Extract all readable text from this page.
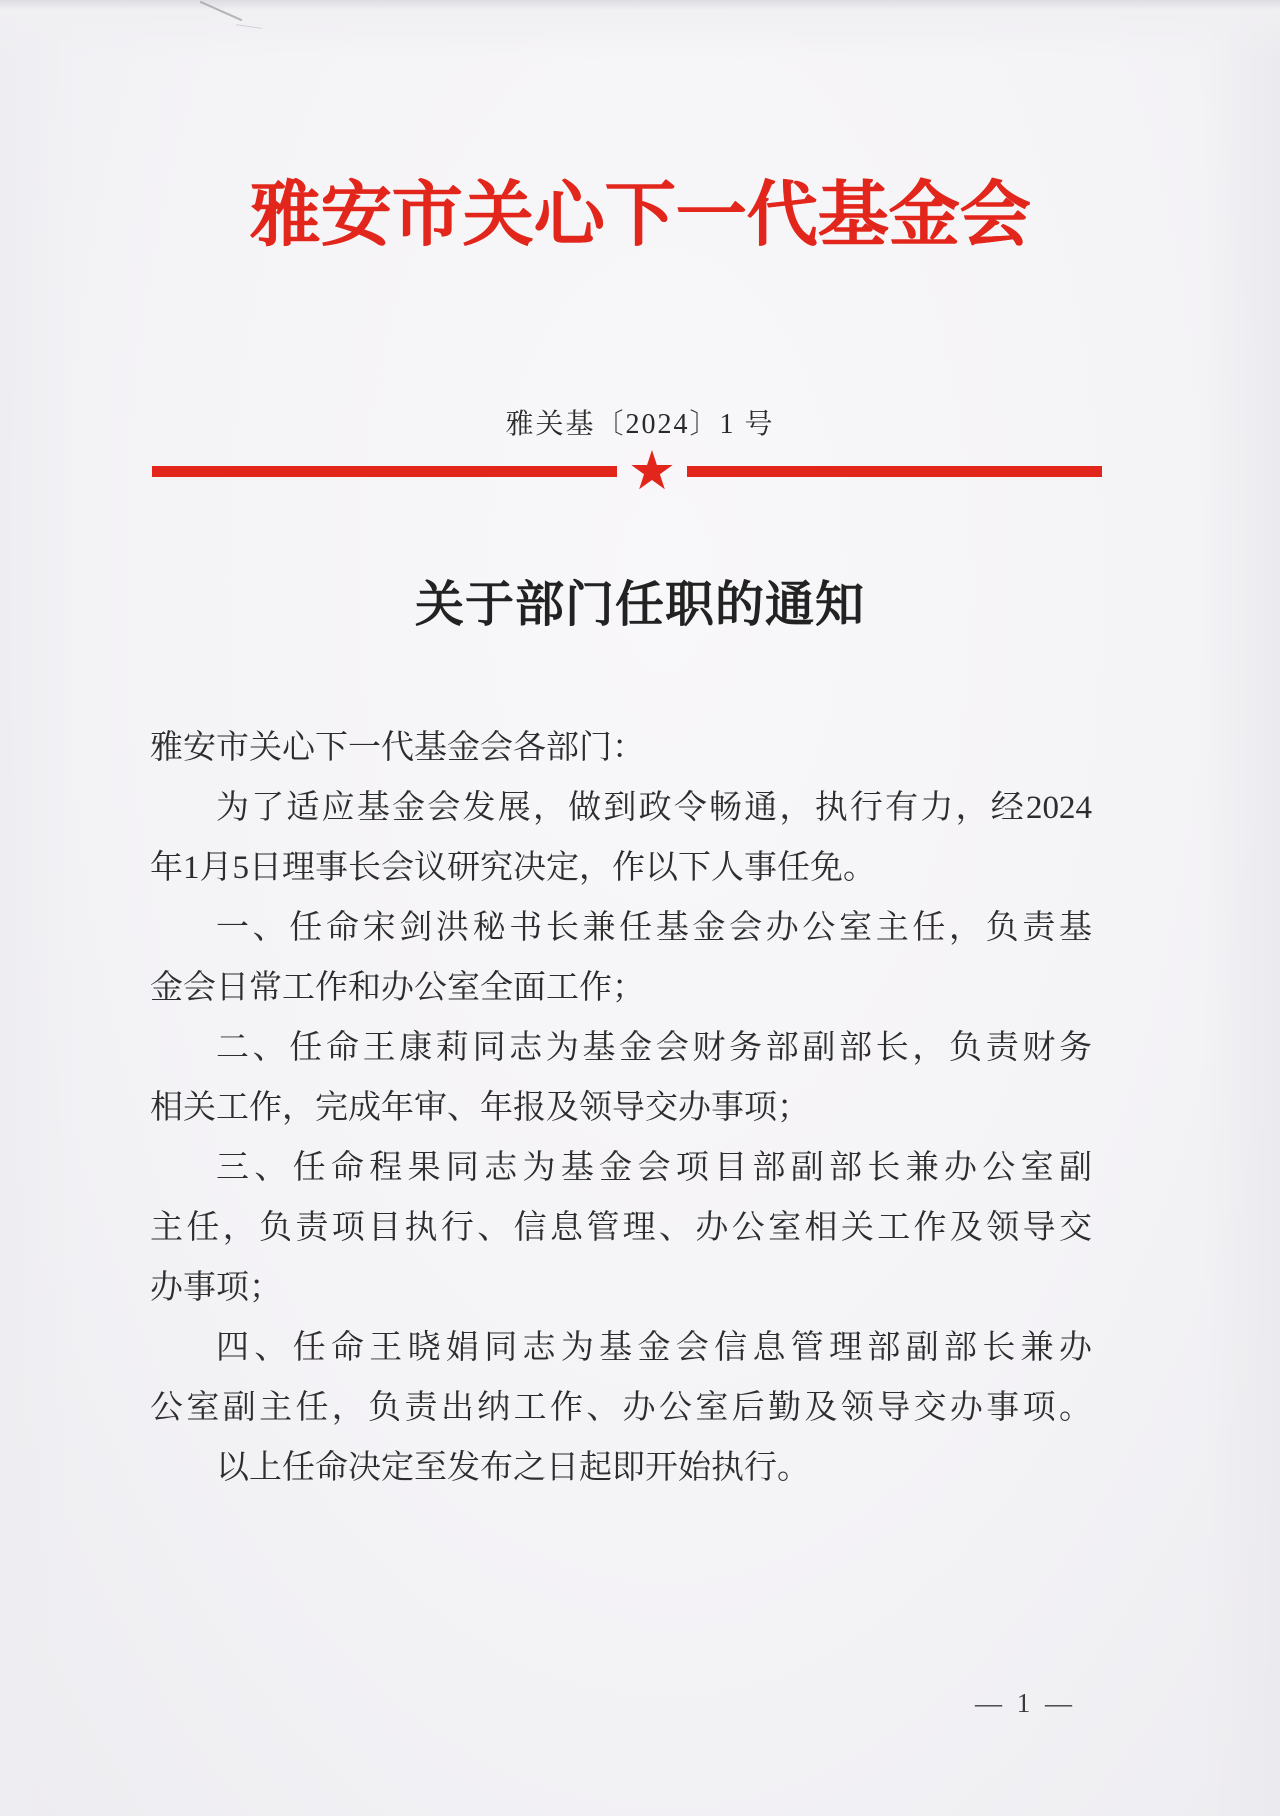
雅安市关心下一代基金会
雅关基〔2024〕1 号
★
关于部门任职的通知
雅安市关心下一代基金会各部门：
为了适应基金会发展，做到政令畅通，执行有力，经2024
年1月5日理事长会议研究决定，作以下人事任免。
一、任命宋剑洪秘书长兼任基金会办公室主任，负责基
金会日常工作和办公室全面工作；
二、任命王康莉同志为基金会财务部副部长，负责财务
相关工作，完成年审、年报及领导交办事项；
三、任命程果同志为基金会项目部副部长兼办公室副
主任，负责项目执行、信息管理、办公室相关工作及领导交
办事项；
四、任命王晓娟同志为基金会信息管理部副部长兼办
公室副主任，负责出纳工作、办公室后勤及领导交办事项。
以上任命决定至发布之日起即开始执行。
— 1 —
